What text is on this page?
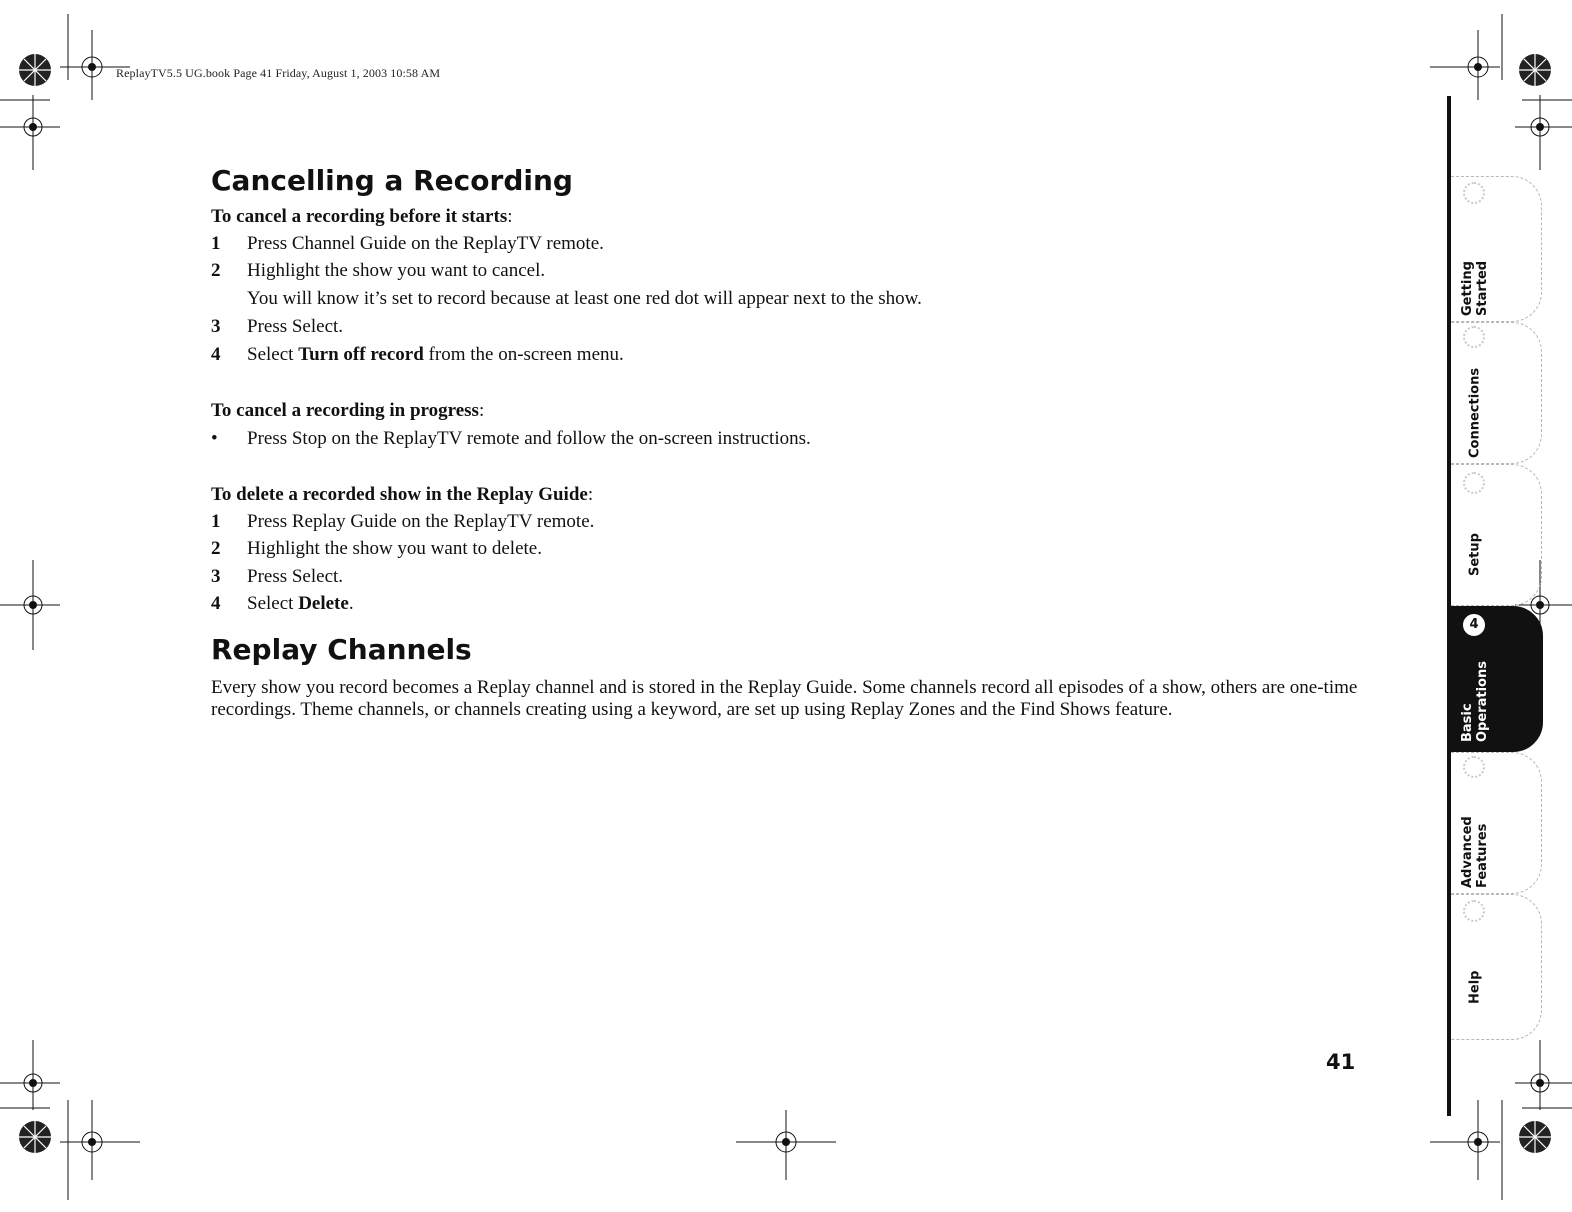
ReplayTV5.5 UG.book Page 41 Friday, August 1, 2003 10:58 AM
Cancelling a Recording
To cancel a recording before it starts:
1 Press Channel Guide on the ReplayTV remote.
2 Highlight the show you want to cancel.
You will know it’s set to record because at least one red dot will appear next to the show.
3 Press Select.
4 Select Turn off record from the on-screen menu.
To cancel a recording in progress:
• Press Stop on the ReplayTV remote and follow the on-screen instructions.
To delete a recorded show in the Replay Guide:
1 Press Replay Guide on the ReplayTV remote.
2 Highlight the show you want to delete.
3 Press Select.
4 Select Delete.
Replay Channels
Every show you record becomes a Replay channel and is stored in the Replay Guide. Some channels record all episodes of a show, others are one-time recordings. Theme channels, or channels creating using a keyword, are set up using Replay Zones and the Find Shows feature.
41
Getting Started
Connections
Setup
4
Basic Operations
Advanced Features
Help
